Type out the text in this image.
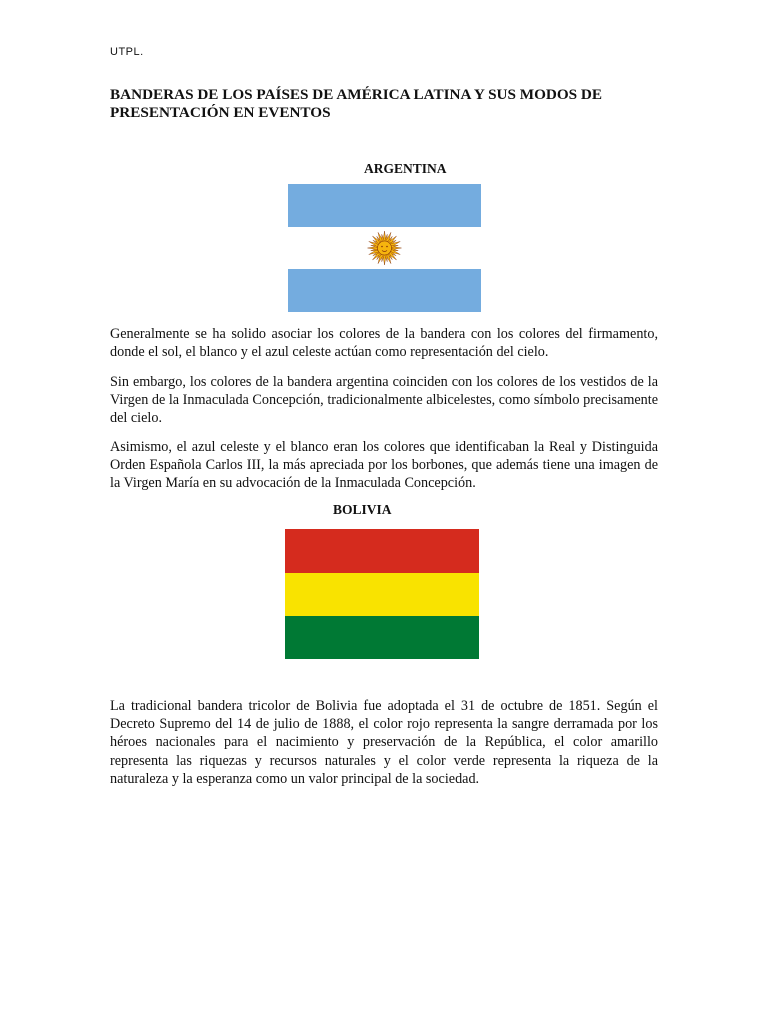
UTPL.
BANDERAS DE LOS PAÍSES DE AMÉRICA LATINA Y SUS MODOS DE PRESENTACIÓN EN EVENTOS
ARGENTINA
Generalmente se ha solido asociar los colores de la bandera con los colores del firmamento, donde el sol, el blanco y el azul celeste actúan como representación del cielo.
Sin embargo, los colores de la bandera argentina coinciden con los colores de los vestidos de la Virgen de la Inmaculada Concepción, tradicionalmente albicelestes, como símbolo precisamente del cielo.
Asimismo, el azul celeste y el blanco eran los colores que identificaban la Real y Distinguida Orden Española Carlos III, la más apreciada por los borbones, que además tiene una imagen de la Virgen María en su advocación de la Inmaculada Concepción.
BOLIVIA
La tradicional bandera tricolor de Bolivia fue adoptada el 31 de octubre de 1851. Según el Decreto Supremo del 14 de julio de 1888, el color rojo representa la sangre derramada por los héroes nacionales para el nacimiento y preservación de la República, el color amarillo representa las riquezas y recursos naturales y el color verde representa la riqueza de la naturaleza y la esperanza como un valor principal de la sociedad.
